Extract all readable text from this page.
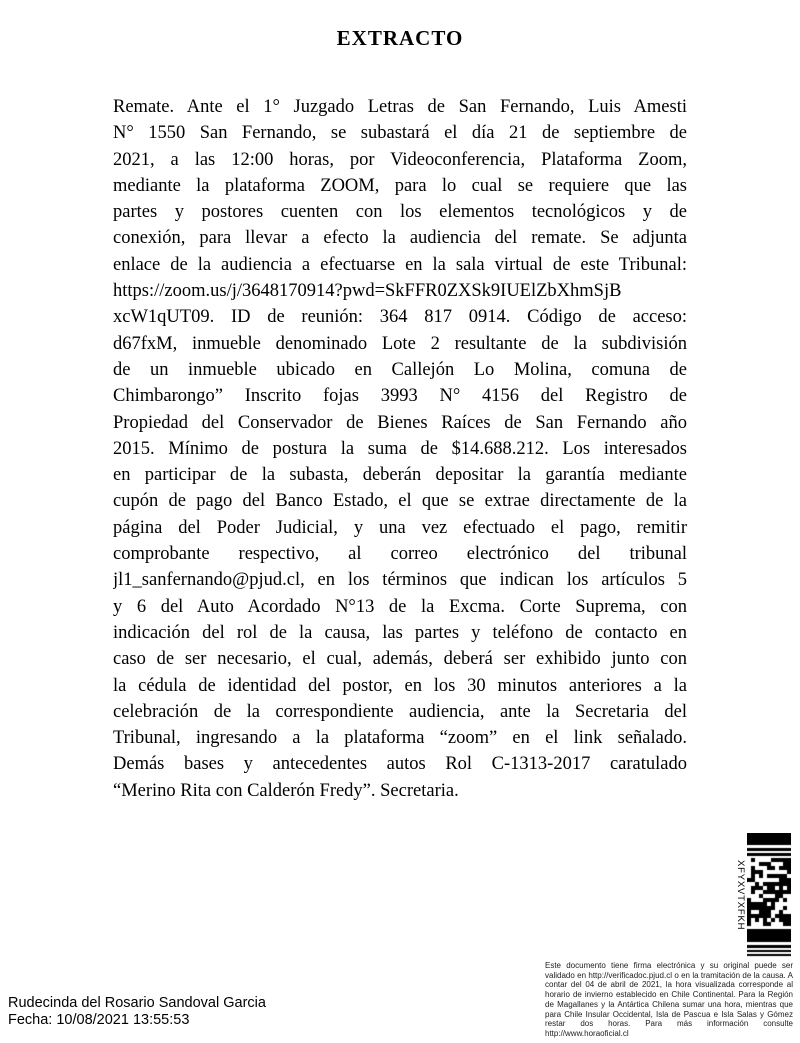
EXTRACTO
Remate. Ante el 1° Juzgado Letras de San Fernando, Luis Amesti
N° 1550 San Fernando, se subastará el día 21 de septiembre de
2021, a las 12:00 horas, por Videoconferencia, Plataforma Zoom,
mediante la plataforma ZOOM, para lo cual se requiere que las
partes y postores cuenten con los elementos tecnológicos y de
conexión, para llevar a efecto la audiencia del remate. Se adjunta
enlace de la audiencia a efectuarse en la sala virtual de este Tribunal:
https://zoom.us/j/3648170914?pwd=SkFFR0ZXSk9IUElZbXhmSjB
xcW1qUT09. ID de reunión: 364 817 0914. Código de acceso:
d67fxM, inmueble denominado Lote 2 resultante de la subdivisión
de un inmueble ubicado en Callejón Lo Molina, comuna de
Chimbarongo” Inscrito fojas 3993 N° 4156 del Registro de
Propiedad del Conservador de Bienes Raíces de San Fernando año
2015. Mínimo de postura la suma de $14.688.212. Los interesados
en participar de la subasta, deberán depositar la garantía mediante
cupón de pago del Banco Estado, el que se extrae directamente de la
página del Poder Judicial, y una vez efectuado el pago, remitir
comprobante respectivo, al correo electrónico del tribunal
jl1_sanfernando@pjud.cl, en los términos que indican los artículos 5
y 6 del Auto Acordado N°13 de la Excma. Corte Suprema, con
indicación del rol de la causa, las partes y teléfono de contacto en
caso de ser necesario, el cual, además, deberá ser exhibido junto con
la cédula de identidad del postor, en los 30 minutos anteriores a la
celebración de la correspondiente audiencia, ante la Secretaria del
Tribunal, ingresando a la plataforma “zoom” en el link señalado.
Demás bases y antecedentes autos Rol C-1313-2017 caratulado
“Merino Rita con Calderón Fredy”. Secretaria.
XFYXVTXFKH
Rudecinda del Rosario Sandoval Garcia
Fecha: 10/08/2021 13:55:53
Este documento tiene firma electrónica y su original puede ser validado en http://verificadoc.pjud.cl o en la tramitación de la causa. A contar del 04 de abril de 2021, la hora visualizada corresponde al horario de invierno establecido en Chile Continental. Para la Región de Magallanes y la Antártica Chilena sumar una hora, mientras que para Chile Insular Occidental, Isla de Pascua e Isla Salas y Gómez restar dos horas. Para más información consulte http://www.horaoficial.cl
